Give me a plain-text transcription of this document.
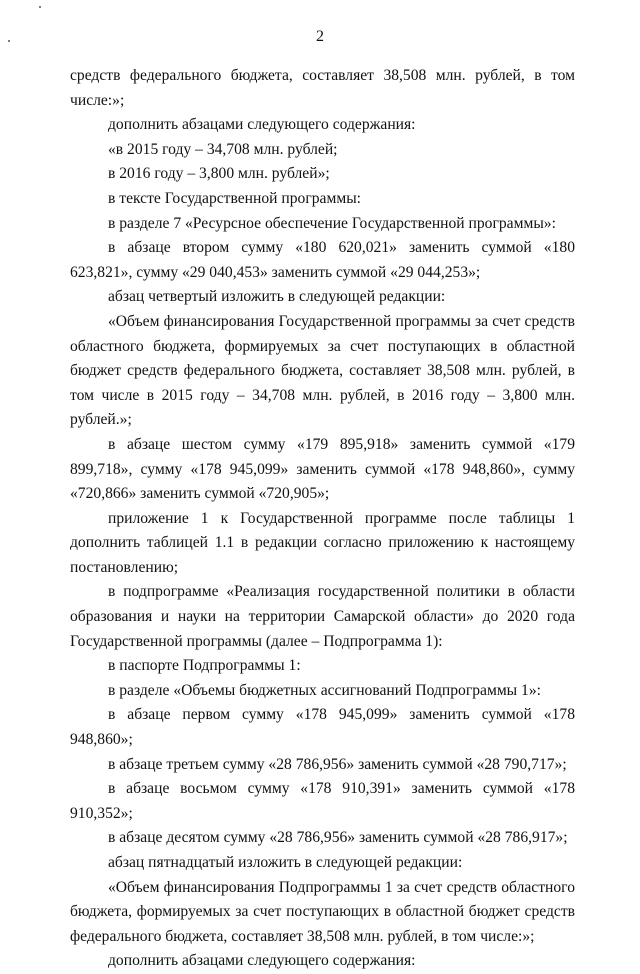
2

средств федерального бюджета, составляет 38,508 млн. рублей, в том числе:»;

дополнить абзацами следующего содержания:

«в 2015 году – 34,708 млн. рублей;

в 2016 году – 3,800 млн. рублей»;

в тексте Государственной программы:

в разделе 7 «Ресурсное обеспечение Государственной программы»:

в абзаце втором сумму «180 620,021» заменить суммой «180 623,821», сумму «29 040,453» заменить суммой «29 044,253»;

абзац четвертый изложить в следующей редакции:

«Объем финансирования Государственной программы за счет средств областного бюджета, формируемых за счет поступающих в областной бюджет средств федерального бюджета, составляет 38,508 млн. рублей, в том числе в 2015 году – 34,708 млн. рублей, в 2016 году – 3,800 млн. рублей.»;

в абзаце шестом сумму «179 895,918» заменить суммой «179 899,718», сумму «178 945,099» заменить суммой «178 948,860», сумму «720,866» заменить суммой «720,905»;

приложение 1 к Государственной программе после таблицы 1 дополнить таблицей 1.1 в редакции согласно приложению к настоящему постановлению;

в подпрограмме «Реализация государственной политики в области образования и науки на территории Самарской области» до 2020 года Государственной программы (далее – Подпрограмма 1):

в паспорте Подпрограммы 1:

в разделе «Объемы бюджетных ассигнований Подпрограммы 1»:

в абзаце первом сумму «178 945,099» заменить суммой «178 948,860»;

в абзаце третьем сумму «28 786,956» заменить суммой «28 790,717»;

в абзаце восьмом сумму «178 910,391» заменить суммой «178 910,352»;

в абзаце десятом сумму «28 786,956» заменить суммой «28 786,917»;

абзац пятнадцатый изложить в следующей редакции:

«Объем финансирования Подпрограммы 1 за счет средств областного бюджета, формируемых за счет поступающих в областной бюджет средств федерального бюджета, составляет 38,508 млн. рублей, в том числе:»;

дополнить абзацами следующего содержания:
